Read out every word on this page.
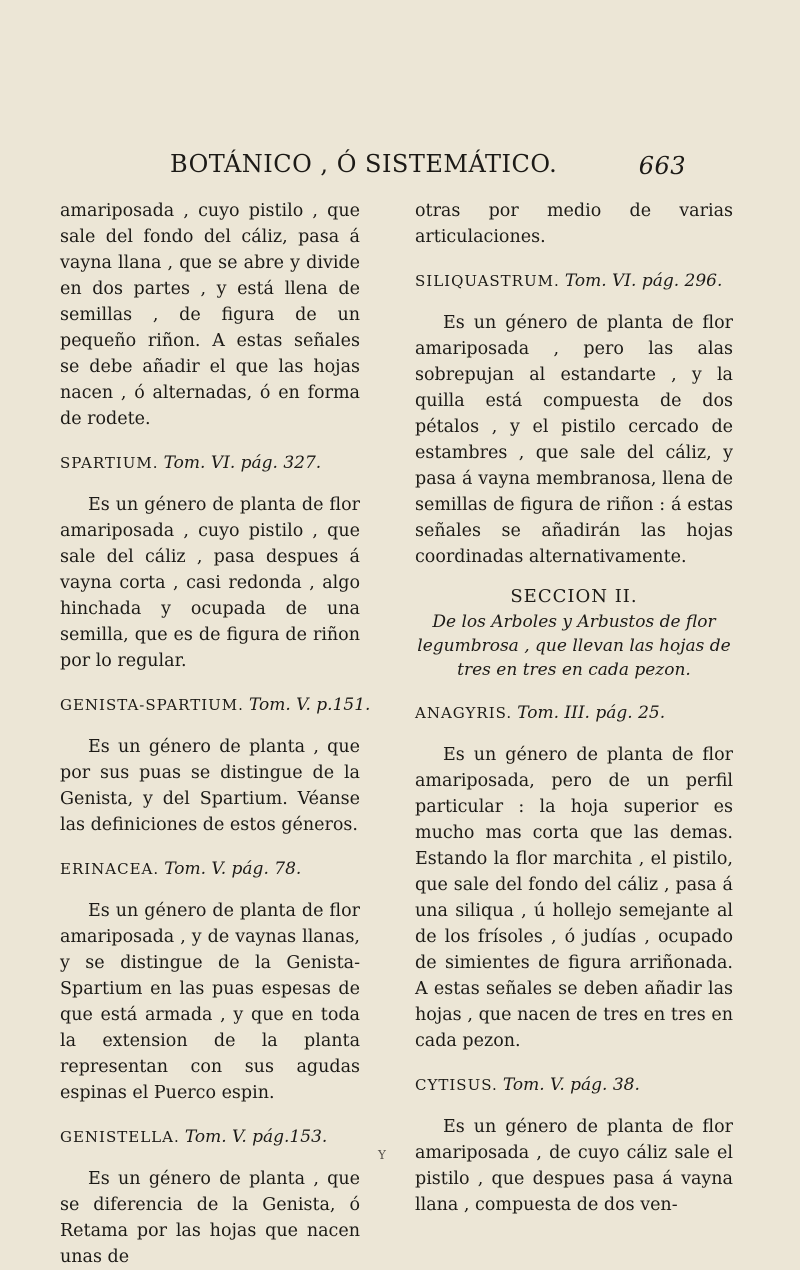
BOTÁNICO , Ó SISTEMÁTICO.	663

amariposada , cuyo pistilo , que sale del fondo del cáliz, pasa á vayna llana , que se abre y divide en dos partes , y está llena de semillas , de figura de un pequeño riñon. A estas señales se debe añadir el que las hojas nacen , ó alternadas, ó en forma de rodete.

SPARTIUM. Tom. VI. pág. 327.

Es un género de planta de flor amariposada , cuyo pistilo , que sale del cáliz , pasa despues á vayna corta , casi redonda , algo hinchada y ocupada de una semilla, que es de figura de riñon por lo regular.

GENISTA-SPARTIUM. Tom. V. p.151.

Es un género de planta , que por sus puas se distingue de la Genista, y del Spartium. Véanse las definiciones de estos géneros.

ERINACEA. Tom. V. pág. 78.

Es un género de planta de flor amariposada , y de vaynas llanas, y se distingue de la Genista-Spartium en las puas espesas de que está armada , y que en toda la extension de la planta representan con sus agudas espinas el Puerco espin.

GENISTELLA. Tom. V. pág.153.

Es un género de planta , que se diferencia de la Genista, ó Retama por las hojas que nacen unas de

otras por medio de varias articulaciones.

SILIQUASTRUM. Tom. VI. pág. 296.

Es un género de planta de flor amariposada , pero las alas sobrepujan al estandarte , y la quilla está compuesta de dos pétalos , y el pistilo cercado de estambres , que sale del cáliz, y pasa á vayna membranosa, llena de semillas de figura de riñon : á estas señales se añadirán las hojas coordinadas alternativamente.

SECCION II.

De los Arboles y Arbustos de flor legumbrosa , que llevan las hojas de tres en tres en cada pezon.

ANAGYRIS. Tom. III. pág. 25.

Es un género de planta de flor amariposada, pero de un perfil particular : la hoja superior es mucho mas corta que las demas. Estando la flor marchita , el pistilo, que sale del fondo del cáliz , pasa á una siliqua , ú hollejo semejante al de los frísoles , ó judías , ocupado de simientes de figura arriñonada. A estas señales se deben añadir las hojas , que nacen de tres en tres en cada pezon.

CYTISUS. Tom. V. pág. 38.

Es un género de planta de flor amariposada , de cuyo cáliz sale el pistilo , que despues pasa á vayna llana , compuesta de dos ven-

Y
